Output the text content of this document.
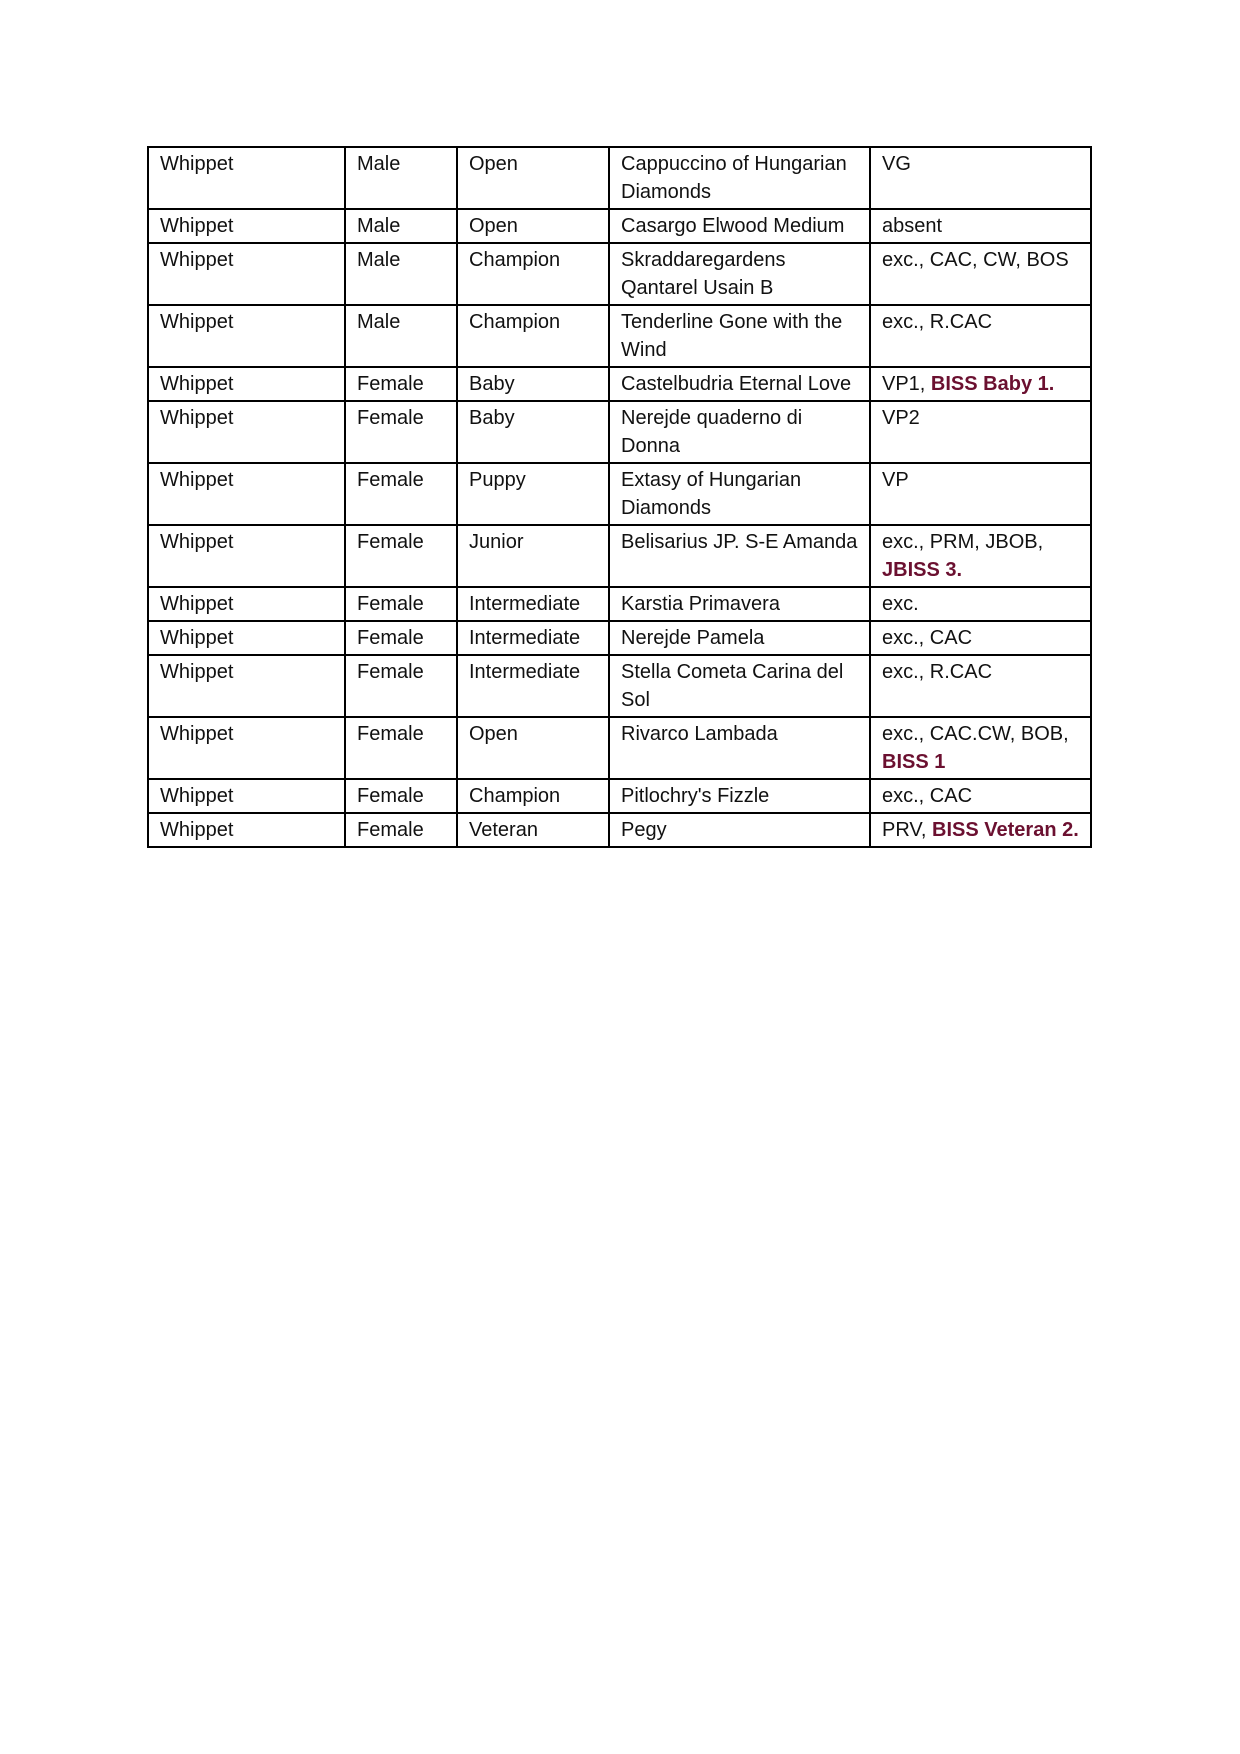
Whippet	Male	Open	Cappuccino of Hungarian Diamonds	VG
Whippet	Male	Open	Casargo Elwood Medium	absent
Whippet	Male	Champion	Skraddaregardens Qantarel Usain B	exc., CAC, CW, BOS
Whippet	Male	Champion	Tenderline Gone with the Wind	exc., R.CAC
Whippet	Female	Baby	Castelbudria Eternal Love	VP1, BISS Baby 1.
Whippet	Female	Baby	Nerejde quaderno di Donna	VP2
Whippet	Female	Puppy	Extasy of Hungarian Diamonds	VP
Whippet	Female	Junior	Belisarius JP. S-E Amanda	exc., PRM, JBOB, JBISS 3.
Whippet	Female	Intermediate	Karstia Primavera	exc.
Whippet	Female	Intermediate	Nerejde Pamela	exc., CAC
Whippet	Female	Intermediate	Stella Cometa Carina del Sol	exc., R.CAC
Whippet	Female	Open	Rivarco Lambada	exc., CAC.CW, BOB, BISS 1
Whippet	Female	Champion	Pitlochry's Fizzle	exc., CAC
Whippet	Female	Veteran	Pegy	PRV, BISS Veteran 2.
